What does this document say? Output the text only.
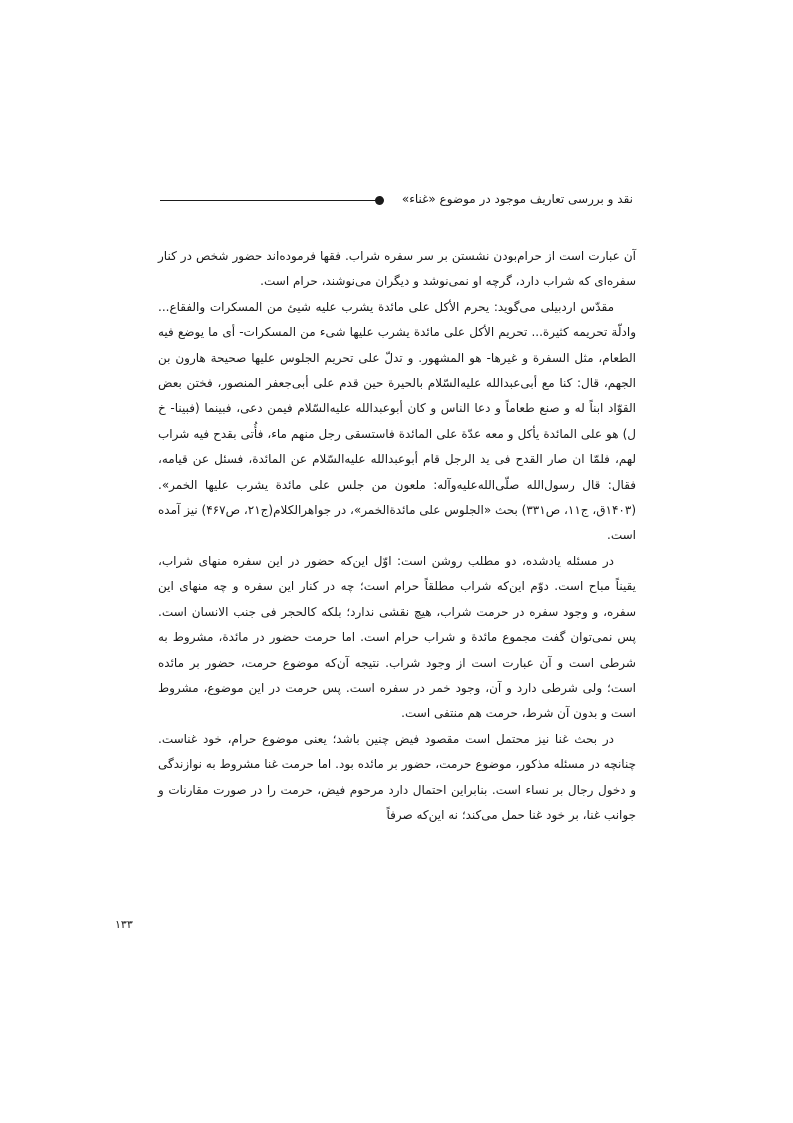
نقد و بررسی تعاریف موجود در موضوع «غناء»

آن عبارت است از حرام‌بودن نشستن بر سر سفره شراب. فقها فرموده‌اند حضور شخص در کنار سفره‌ای که شراب دارد، گرچه او نمی‌نوشد و دیگران می‌نوشند، حرام است.

مقدّس اردبیلی می‌گوید: یحرم الأکل علی مائدة یشرب علیه شیئ من المسکرات والفقاع... وادلّة تحریمه کثیرة... تحریم الأکل علی مائدة یشرب علیها شیء من المسکرات- أی ما یوضع فیه الطعام، مثل السفرة و غیرها- هو المشهور. و تدلّ علی تحریم الجلوس علیها صحیحة هارون بن الجهم، قال: کنا مع أبی‌عبدالله علیه‌السّلام بالحیرة حین قدم علی أبی‌جعفر المنصور، فختن بعض القوّاد ابناً له و صنع طعاماً و دعا الناس و کان أبوعبدالله علیه‌السّلام فیمن دعی، فبینما (فبینا- خ ل) هو علی المائدة یأکل و معه عدّة علی المائدة فاستسقی رجل منهم ماء، فأُتی بقدح فیه شراب لهم، فلمّا ان صار القدح فی ید الرجل قام أبوعبدالله علیه‌السّلام عن المائدة، فسئل عن قیامه، فقال: قال رسول‌الله صلّی‌الله‌علیه‌وآله: ملعون من جلس علی مائدة یشرب علیها الخمر». (۱۴۰۳ق، ج۱۱، ص۳۳۱) بحث «الجلوس علی مائدةالخمر»، در جواهرالکلام(ج۲۱، ص۴۶۷) نیز آمده است.

در مسئله یادشده، دو مطلب روشن است: اوّل این‌که حضور در این سفره منهای شراب، یقیناً مباح است. دوّم این‌که شراب مطلقاً حرام است؛ چه در کنار این سفره و چه منهای این سفره، و وجود سفره در حرمت شراب، هیچ نقشی ندارد؛ بلکه کالحجر فی جنب الانسان است. پس نمی‌توان گفت مجموع مائدة و شراب حرام است. اما حرمت حضور در مائدة، مشروط به شرطی است و آن عبارت است از وجود شراب. نتیجه آن‌که موضوع حرمت، حضور بر مائده است؛ ولی شرطی دارد و آن، وجود خمر در سفره است. پس حرمت در این موضوع، مشروط است و بدون آن شرط، حرمت هم منتفی است.

در بحث غنا نیز محتمل است مقصود فیض چنین باشد؛ یعنی موضوع حرام، خود غناست. چنانچه در مسئله مذکور، موضوع حرمت، حضور بر مائده بود. اما حرمت غنا مشروط به نوازندگی و دخول رجال بر نساء است. بنابراین احتمال دارد مرحوم فیض، حرمت را در صورت مقارنات و جوانب غنا، بر خود غنا حمل می‌کند؛ نه این‌که صرفاً

۱۳۳
